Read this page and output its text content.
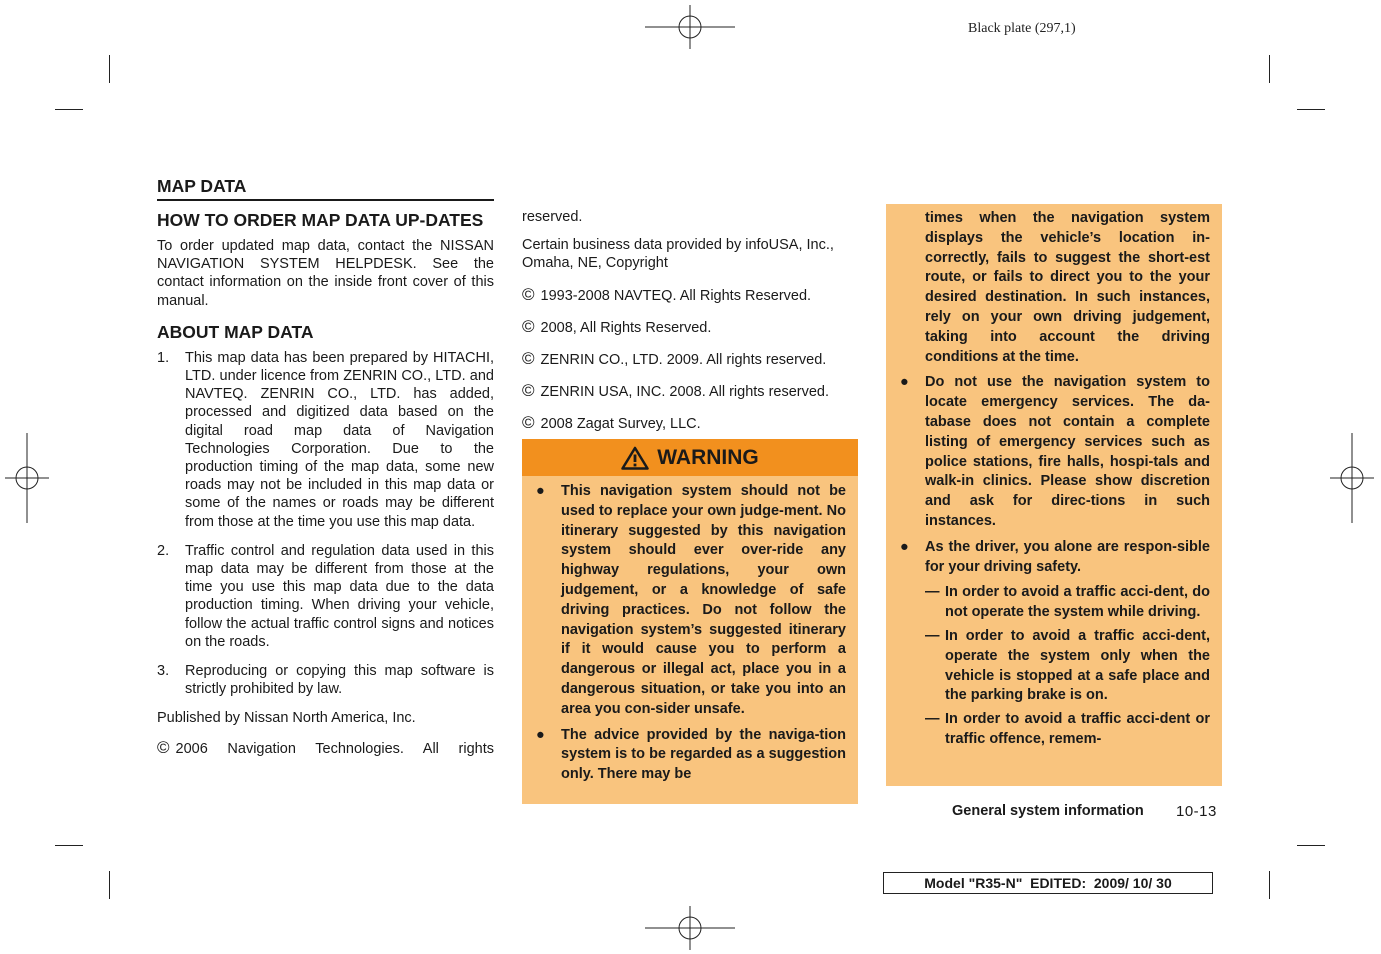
Black plate (297,1)
MAP DATA
HOW TO ORDER MAP DATA UP-DATES

To order updated map data, contact the NISSAN NAVIGATION SYSTEM HELPDESK. See the contact information on the inside front cover of this manual.

ABOUT MAP DATA
1. This map data has been prepared by HITACHI, LTD. under licence from ZENRIN CO., LTD. and NAVTEQ. ZENRIN CO., LTD. has added, processed and digitized data based on the digital road map data of Navigation Technologies Corporation. Due to the production timing of the map data, some new roads may not be included in this map data or some of the names or roads may be different from those at the time you use this map data.
2. Traffic control and regulation data used in this map data may be different from those at the time you use this map data due to the data production timing. When driving your vehicle, follow the actual traffic control signs and notices on the roads.
3. Reproducing or copying this map software is strictly prohibited by law.

Published by Nissan North America, Inc.

© 2006 Navigation Technologies. All rights

reserved.

Certain business data provided by infoUSA, Inc., Omaha, NE, Copyright

© 1993-2008 NAVTEQ. All Rights Reserved.

© 2008, All Rights Reserved.

© ZENRIN CO., LTD. 2009. All rights reserved.

© ZENRIN USA, INC. 2008. All rights reserved.

© 2008 Zagat Survey, LLC.

WARNING
● This navigation system should not be used to replace your own judge-ment. No itinerary suggested by this navigation system should ever over-ride any highway regulations, your own judgement, or a knowledge of safe driving practices. Do not follow the navigation system’s suggested itinerary if it would cause you to perform a dangerous or illegal act, place you in a dangerous situation, or take you into an area you con-sider unsafe.
● The advice provided by the naviga-tion system is to be regarded as a suggestion only. There may be
times when the navigation system displays the vehicle’s location in-correctly, fails to suggest the short-est route, or fails to direct you to the your desired destination. In such instances, rely on your own driving judgement, taking into account the driving conditions at the time.
● Do not use the navigation system to locate emergency services. The da-tabase does not contain a complete listing of emergency services such as police stations, fire halls, hospi-tals and walk-in clinics. Please show discretion and ask for direc-tions in such instances.
● As the driver, you alone are respon-sible for your driving safety.
— In order to avoid a traffic acci-dent, do not operate the system while driving.
— In order to avoid a traffic acci-dent, operate the system only when the vehicle is stopped at a safe place and the parking brake is on.
— In order to avoid a traffic acci-dent or traffic offence, remem-
General system information 10-13
Model "R35-N"  EDITED:  2009/ 10/ 30
